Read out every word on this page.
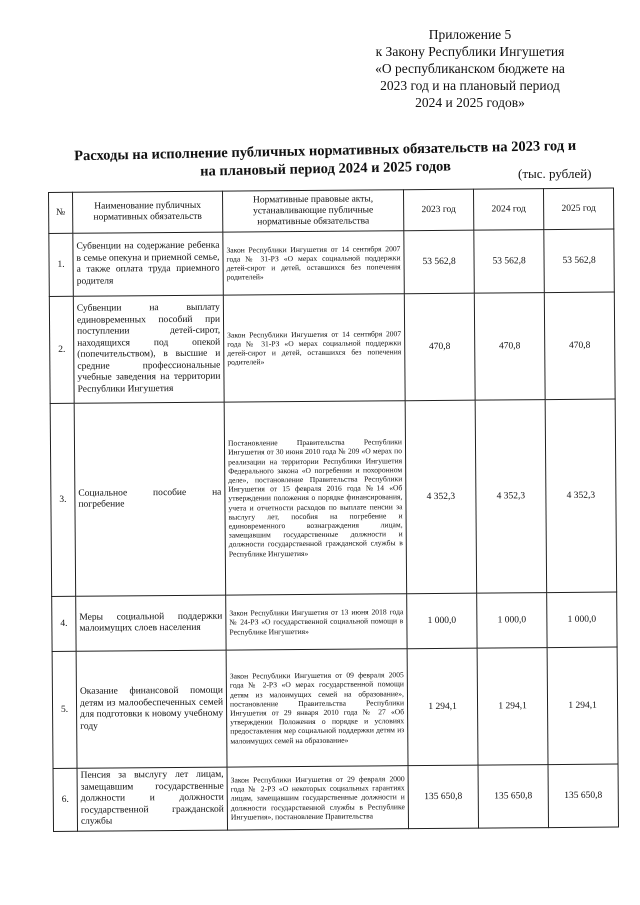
Приложение 5
к Закону Республики Ингушетия
«О республиканском бюджете на
2023 год и на плановый период
2024 и 2025 годов»
Расходы на исполнение публичных нормативных обязательств на 2023 год и
на плановый период 2024 и 2025 годов	(тыс. рублей)
№	Наименование публичных нормативных обязательств	Нормативные правовые акты, устанавливающие публичные нормативные обязательства	2023 год	2024 год	2025 год
1.	Субвенции на содержание ребенка в семье опекуна и приемной семье, а также оплата труда приемного родителя	Закон Республики Ингушетия от 14 сентября 2007 года № 31-РЗ «О мерах социальной поддержки детей-сирот и детей, оставшихся без попечения родителей»	53 562,8	53 562,8	53 562,8
2.	Субвенции на выплату единовременных пособий при поступлении детей-сирот, находящихся под опекой (попечительством), в высшие и средние профессиональные учебные заведения на территории Республики Ингушетия	Закон Республики Ингушетия от 14 сентября 2007 года № 31-РЗ «О мерах социальной поддержки детей-сирот и детей, оставшихся без попечения родителей»	470,8	470,8	470,8
3.	Социальное пособие на погребение	Постановление Правительства Республики Ингушетия от 30 июня 2010 года № 209 «О мерах по реализации на территории Республики Ингушетия Федерального закона «О погребении и похоронном деле», постановление Правительства Республики Ингушетия от 15 февраля 2016 года №14 «Об утверждении положения о порядке финансирования, учета и отчетности расходов по выплате пенсии за выслугу лет, пособия на погребение и единовременного вознаграждения лицам, замещавшим государственные должности и должности государственной гражданской службы в Республике Ингушетия»	4 352,3	4 352,3	4 352,3
4.	Меры социальной поддержки малоимущих слоев населения	Закон Республики Ингушетия от 13 июня 2018 года № 24-РЗ «О государственной социальной помощи в Республике Ингушетия»	1 000,0	1 000,0	1 000,0
5.	Оказание финансовой помощи детям из малообеспеченных семей для подготовки к новому учебному году	Закон Республики Ингушетия от 09 февраля 2005 года № 2-РЗ «О мерах государственной помощи детям из малоимущих семей на образование», постановление Правительства Республики Ингушетия от 29 января 2010 года № 27 «Об утверждении Положения о порядке и условиях предоставления мер социальной поддержки детям из малоимущих семей на образование»	1 294,1	1 294,1	1 294,1
6.	Пенсия за выслугу лет лицам, замещавшим государственные должности и должности государственной гражданской службы	Закон Республики Ингушетия от 29 февраля 2000 года № 2-РЗ «О некоторых социальных гарантиях лицам, замещавшим государственные должности и должности государственной службы в Республике Ингушетия», постановление Правительства	135 650,8	135 650,8	135 650,8
